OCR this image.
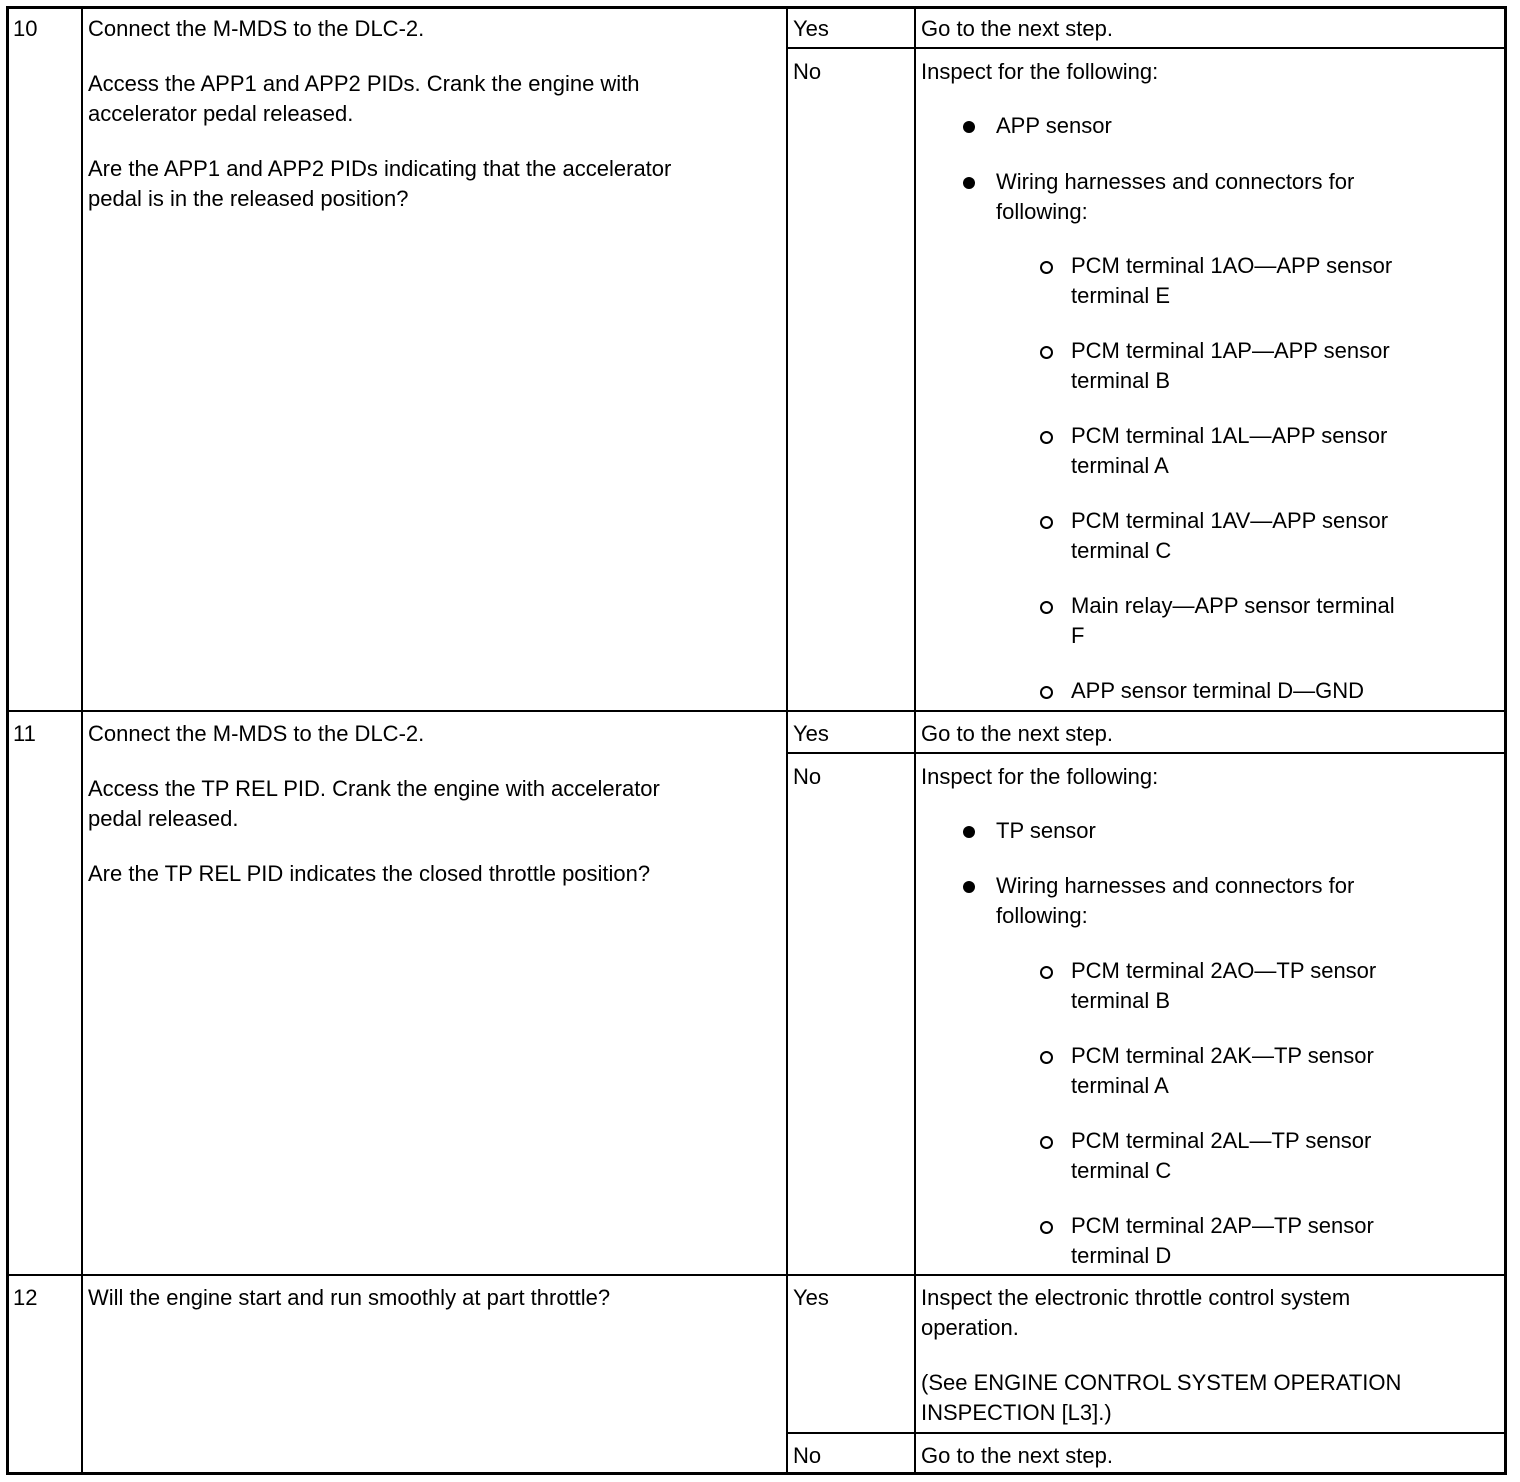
10 Connect the M-MDS to the DLC-2.
Access the APP1 and APP2 PIDs. Crank the engine with
accelerator pedal released.
Are the APP1 and APP2 PIDs indicating that the accelerator
pedal is in the released position?
Yes	Go to the next step.
No	Inspect for the following:
APP sensor
Wiring harnesses and connectors for
following:
PCM terminal 1AO—APP sensor
terminal E
PCM terminal 1AP—APP sensor
terminal B
PCM terminal 1AL—APP sensor
terminal A
PCM terminal 1AV—APP sensor
terminal C
Main relay—APP sensor terminal
F
APP sensor terminal D—GND
11 Connect the M-MDS to the DLC-2.
Access the TP REL PID. Crank the engine with accelerator
pedal released.
Are the TP REL PID indicates the closed throttle position?
Yes	Go to the next step.
No	Inspect for the following:
TP sensor
Wiring harnesses and connectors for
following:
PCM terminal 2AO—TP sensor
terminal B
PCM terminal 2AK—TP sensor
terminal A
PCM terminal 2AL—TP sensor
terminal C
PCM terminal 2AP—TP sensor
terminal D
12 Will the engine start and run smoothly at part throttle?	Yes	Inspect the electronic throttle control system
operation.
(See ENGINE CONTROL SYSTEM OPERATION
INSPECTION [L3].)
No	Go to the next step.
